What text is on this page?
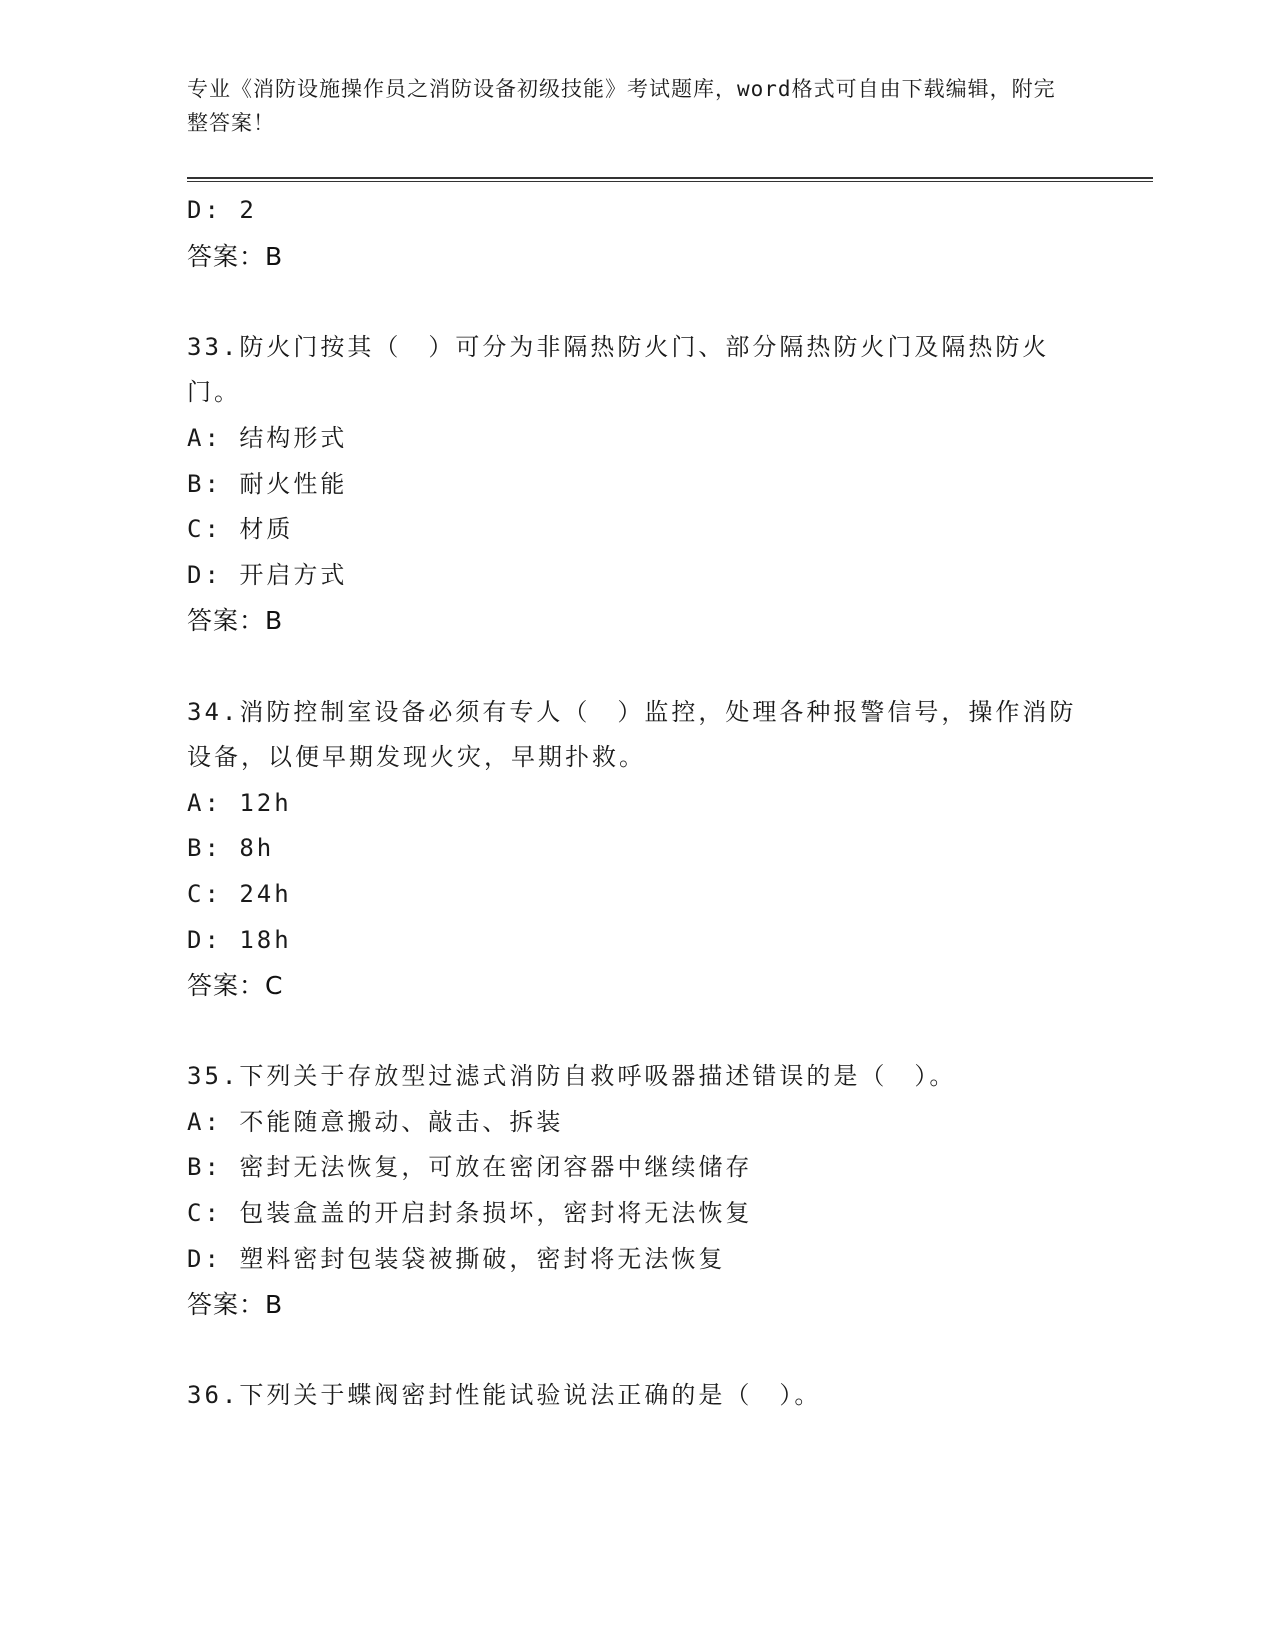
专业《消防设施操作员之消防设备初级技能》考试题库，word格式可自由下载编辑，附完整答案！
D: 2
答案：B
33.防火门按其（　）可分为非隔热防火门、部分隔热防火门及隔热防火门。
A: 结构形式
B: 耐火性能
C: 材质
D: 开启方式
答案：B
34.消防控制室设备必须有专人（　）监控，处理各种报警信号，操作消防设备，以便早期发现火灾，早期扑救。
A: 12h
B: 8h
C: 24h
D: 18h
答案：C
35.下列关于存放型过滤式消防自救呼吸器描述错误的是（　）。
A: 不能随意搬动、敲击、拆装
B: 密封无法恢复，可放在密闭容器中继续储存
C: 包装盒盖的开启封条损坏，密封将无法恢复
D: 塑料密封包装袋被撕破，密封将无法恢复
答案：B
36.下列关于蝶阀密封性能试验说法正确的是（　）。
